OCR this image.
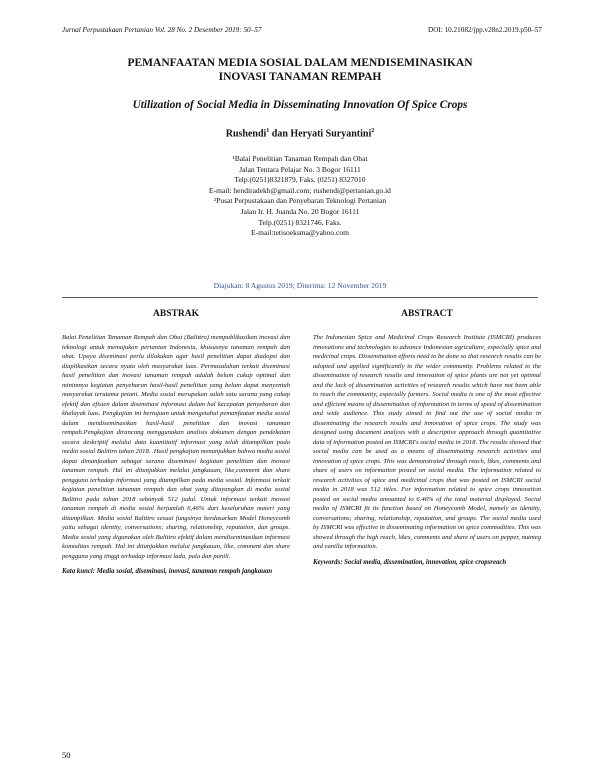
Jurnal Perpustakaan Pertanian Vol. 28 No. 2 Desember 2019: 50–57	DOI: 10.21082/jpp.v28n2.2019.p50–57
PEMANFAATAN MEDIA SOSIAL DALAM MENDISEMINASIKAN
INOVASI TANAMAN REMPAH
Utilization of Social Media in Disseminating Innovation Of Spice Crops
Rushendi$^1$ dan Heryati Suryantini$^2$
¹Balai Penelitian Tanaman Rempah dan Obat
Jalan Tentara Pelajar No. 3 Bogor 16111
Telp.(0251)8321879, Faks. (0251) 8327010
E-mail: hendiradekh@gmail.com; rushendi@pertanian.go.id
²Pusat Perpustakaan dan Penyebaran Teknologi Pertanian
Jalan Ir. H. Juanda No. 20 Bogor 16111
Telp.(0251) 8321746, Faks.
E-mail:tetisoeksma@yahoo.com
Diajukan: 8 Agustus 2019; Diterima: 12 November 2019
ABSTRAK	ABSTRACT
Balai Penelitian Tanaman Rempah dan Obat (Balittro) mempublikasikan inovasi dan teknologi untuk memajukan pertanian Indonesia, khususnya tanaman rempah dan obat. Upaya diseminasi perlu dilakukan agar hasil penelitian dapat diadopsi dan diaplikasikan secara nyata oleh masyarakat luas. Permasalahan terkait diseminasi hasil penelitian dan inovasi tanaman rempah adalah belum cukup optimal dan minimnya kegiatan penyebaran hasil-hasil penelitian yang belum dapat menyentuh masyarakat terutama petani. Media sosial merupakan salah satu sarana yang cukup efektif dan efisien dalam diseminasi informasi dalam hal kecepatan penyebaran dan khalayak luas. Pengkajian ini bertujuan untuk mengetahui pemanfaatan media sosial dalam mendiseminasikan hasil-hasil penelitian dan inovasi tanaman rempah.Pengkajian dirancang menggunakan analisis dokumen dengan pendekatan secara deskriptif melalui data kuantitatif informasi yang telah ditampilkan pada media sosial Balittro tahun 2018. .Hasil pengkajian menunjukkan bahwa media sosial dapat dimanfaatkan sebagai sarana diseminasi kegiatan penelitian dan inovasi tanaman rempah. Hal ini ditunjukkan melalui jangkauan, like,comment dan share pengguna terhadap informasi yang ditampilkan pada media sosial. Informasi terkait kegiatan penelitian tanaman rempah dan obat yang ditayangkan di media sosial Balittro pada tahun 2018 sebanyak 512 judul. Untuk informasi terkait inovasi tanaman rempah di media sosial berjumlah 6,46% dari keseluruhan materi yang ditampilkan. Media sosial Balittro sesuai fungsinya berdasarkan Model Honeycomb yaitu sebagai identity, conversations; sharing, relationship, reputation, dan groups. Media sosial yang digunakan oleh Balittro efektif dalam mendiseminasikan informasi komoditas rempah. Hal ini ditunjukkan melalui jangkauan, like, comment dan share pengguna yang tinggi terhadap informasi lada, pala dan panili.
Kata kunci: Media sosial, diseminasi, inovasi, tanaman rempah jangkauan
The Indonesian Spice and Medicinal Crops Research Institute (ISMCRI) produces innovations and technologies to advance Indonesian agriculture, especially spice and medicinal crops. Dissemination efforts need to be done so that research results can be adopted and applied significantly to the wider community. Problems related to the dissemination of research results and innovation of spice plants are not yet optimal and the lack of dissemination activities of research results which have not been able to reach the community, especially farmers. Social media is one of the most effective and efficient means of dissemination of information in terms of speed of dissemination and wide audience. This study aimed to find out the use of social media in disseminating the research results and innovation of spice crops. The study was designed using document analysis with a descriptive approach through quantitative data of information posted on ISMCRI's social media in 2018. The results showed that social media can be used as a means of disseminating research activities and innovation of spice crops. This was demonstrated through reach, likes, comments and share of users on information posted on social media. The information related to research activities of spice and medicinal crops that was posted on ISMCRI social media in 2018 was 512 titles. For information related to spice crops innovation posted on social media amounted to 6.46% of the total material displayed. Social media of ISMCRI fit its function based on Honeycomb Model, namely as identity, conversations; sharing, relationship, reputation, and groups. The social media used by ISMCRI was effective in disseminating information on spice commodities. This was showed through the high reach, likes, comments and share of users on pepper, nutmeg and vanilla information.
Keywords: Social media, dissemination, innovation, spice cropsreach
50
